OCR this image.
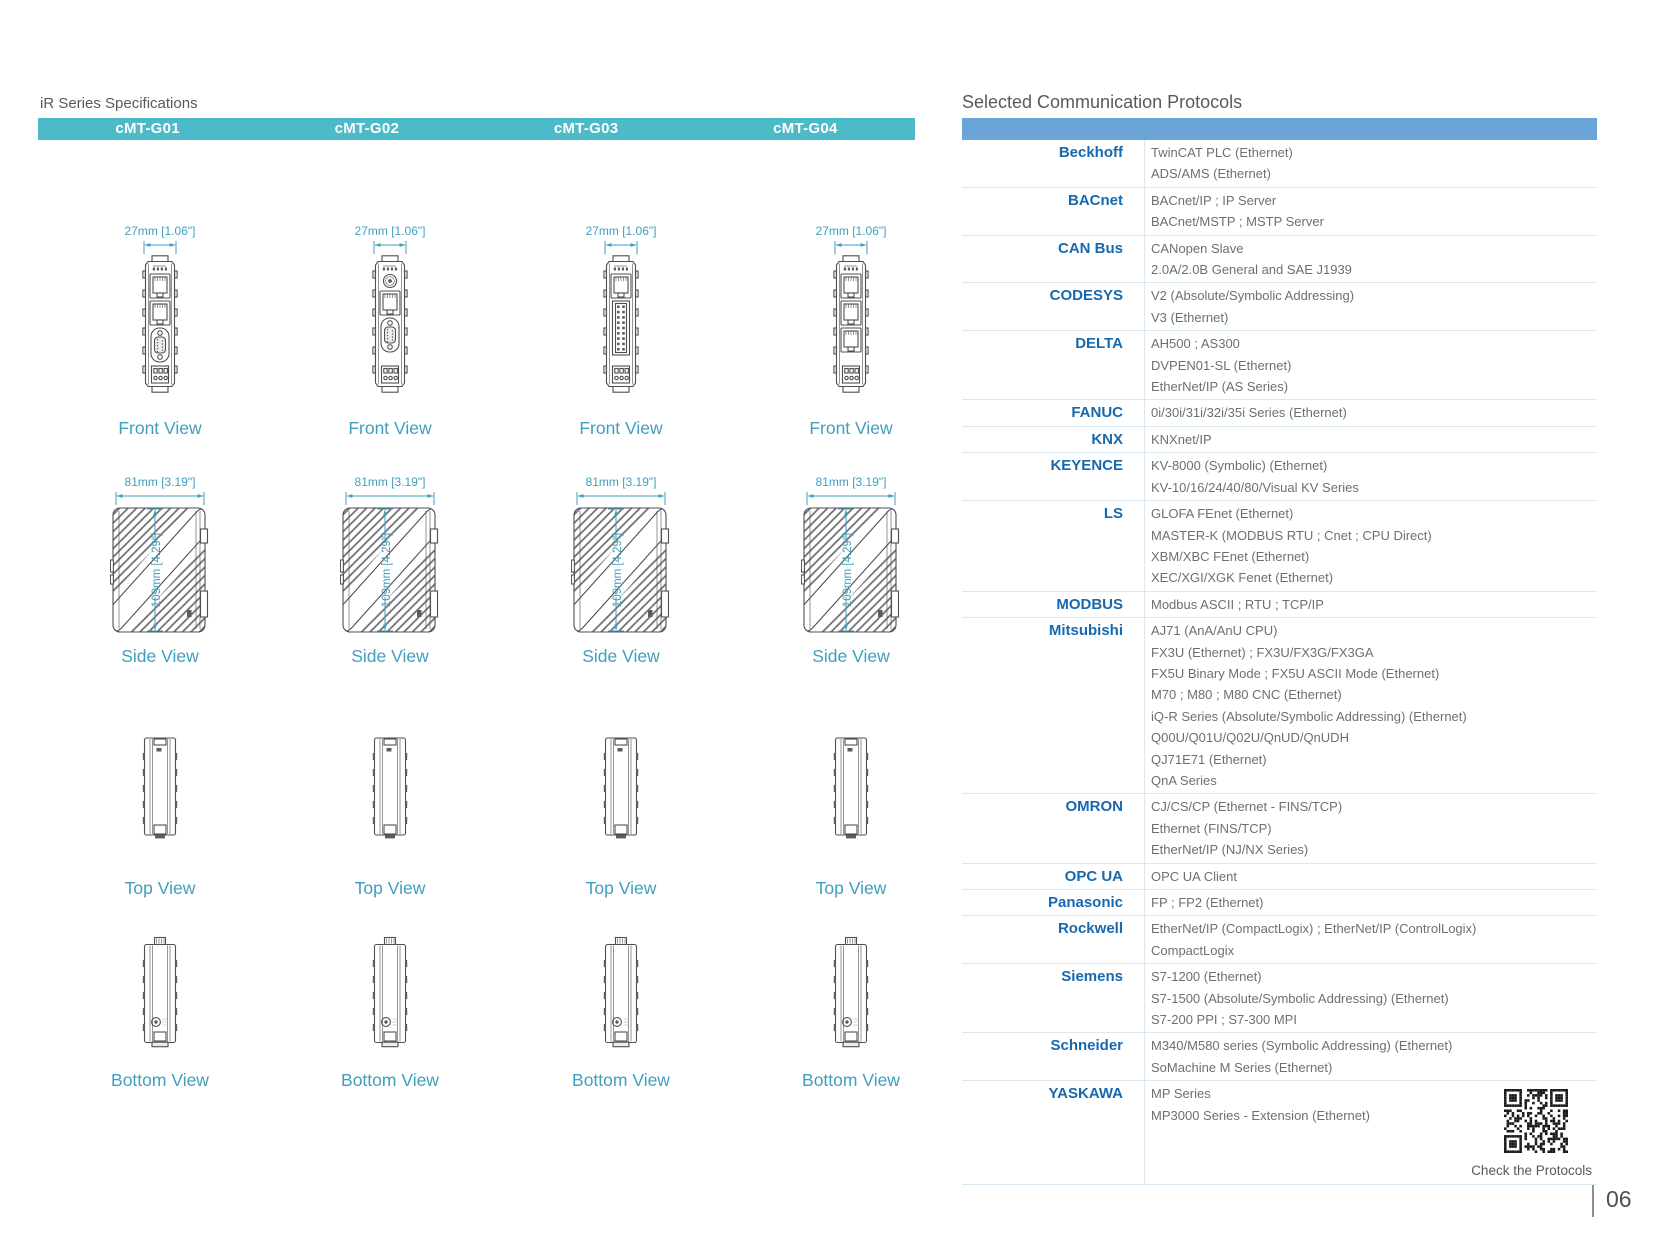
iR Series Specifications
cMT-G01	cMT-G02	cMT-G03	cMT-G04
Selected Communication Protocols
27mm [1.06"]
Front View
81mm [3.19"]
109mm [4.29"]
Side View
Top View
Bottom View
27mm [1.06"]
Front View
81mm [3.19"]
109mm [4.29"]
Side View
Top View
Bottom View
27mm [1.06"]
Front View
81mm [3.19"]
109mm [4.29"]
Side View
Top View
Bottom View
27mm [1.06"]
Front View
81mm [3.19"]
109mm [4.29"]
Side View
Top View
Bottom View
Beckhoff	TwinCAT PLC (Ethernet)
ADS/AMS (Ethernet)
BACnet	BACnet/IP ; IP Server
BACnet/MSTP ; MSTP Server
CAN Bus	CANopen Slave
2.0A/2.0B General and SAE J1939
CODESYS	V2 (Absolute/Symbolic Addressing)
V3 (Ethernet)
DELTA	AH500 ; AS300
DVPEN01-SL (Ethernet)
EtherNet/IP (AS Series)
FANUC	0i/30i/31i/32i/35i Series (Ethernet)
KNX	KNXnet/IP
KEYENCE	KV-8000 (Symbolic) (Ethernet)
KV-10/16/24/40/80/Visual KV Series
LS	GLOFA FEnet (Ethernet)
MASTER-K (MODBUS RTU ; Cnet ; CPU Direct)
XBM/XBC FEnet (Ethernet)
XEC/XGI/XGK Fenet (Ethernet)
MODBUS	Modbus ASCII ; RTU ; TCP/IP
Mitsubishi	AJ71 (AnA/AnU CPU)
FX3U (Ethernet) ; FX3U/FX3G/FX3GA
FX5U Binary Mode ; FX5U ASCII Mode (Ethernet)
M70 ; M80 ; M80 CNC (Ethernet)
iQ-R Series (Absolute/Symbolic Addressing) (Ethernet)
Q00U/Q01U/Q02U/QnUD/QnUDH
QJ71E71 (Ethernet)
QnA Series
OMRON	CJ/CS/CP (Ethernet - FINS/TCP)
Ethernet (FINS/TCP)
EtherNet/IP (NJ/NX Series)
OPC UA	OPC UA Client
Panasonic	FP ; FP2 (Ethernet)
Rockwell	EtherNet/IP (CompactLogix) ; EtherNet/IP (ControlLogix)
CompactLogix
Siemens	S7-1200 (Ethernet)
S7-1500 (Absolute/Symbolic Addressing) (Ethernet)
S7-200 PPI ; S7-300 MPI
Schneider	M340/M580 series (Symbolic Addressing) (Ethernet)
SoMachine M Series (Ethernet)
YASKAWA	MP Series
MP3000 Series - Extension (Ethernet)
Check the Protocols
06
